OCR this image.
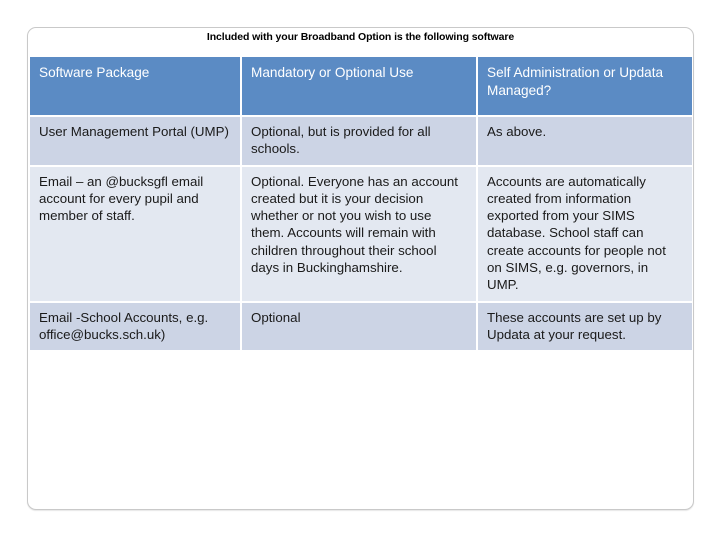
Included with your Broadband Option is the following software
Software Package	Mandatory or Optional Use	Self Administration or Updata Managed?

User Management Portal (UMP)	Optional, but is provided for all schools.	As above.

Email – an @bucksgfl email account for every pupil and member of staff.	Optional. Everyone has an account created but it is your decision whether or not you wish to use them. Accounts will remain with children throughout their school days in Buckinghamshire.	Accounts are automatically created from information exported from your SIMS database. School staff can create accounts for people not on SIMS, e.g. governors, in UMP.

Email -School Accounts, e.g. office@bucks.sch.uk)	Optional	These accounts are set up by Updata at your request.
